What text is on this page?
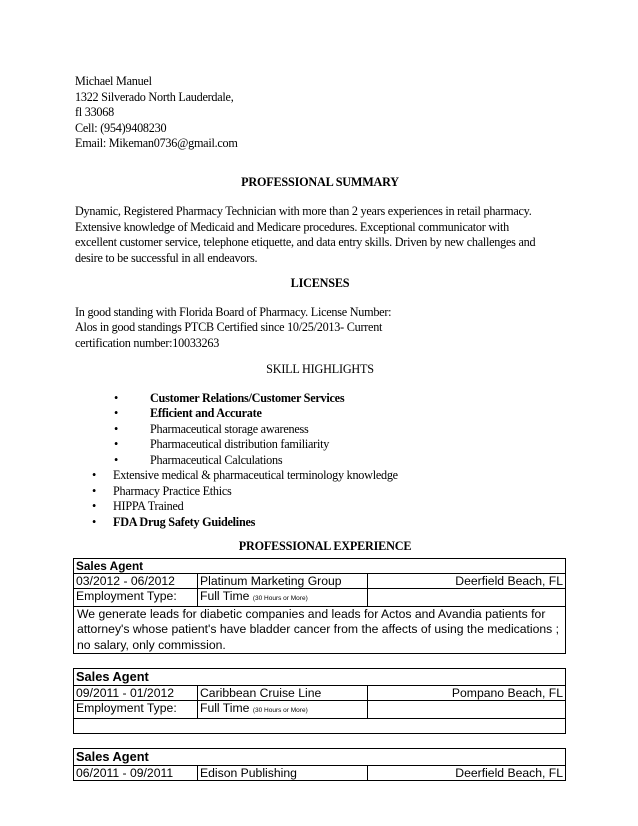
Michael Manuel
1322 Silverado North Lauderdale,
fl 33068
Cell: (954)9408230
Email: Mikeman0736@gmail.com
PROFESSIONAL SUMMARY
Dynamic, Registered Pharmacy Technician with more than 2 years experiences in retail pharmacy.
Extensive knowledge of Medicaid and Medicare procedures. Exceptional communicator with
excellent customer service, telephone etiquette, and data entry skills. Driven by new challenges and
desire to be successful in all endeavors.
LICENSES
In good standing with Florida Board of Pharmacy. License Number:
Alos in good standings PTCB Certified since 10/25/2013- Current
certification number:10033263
SKILL HIGHLIGHTS
•	Customer Relations/Customer Services
•	Efficient and Accurate
•	Pharmaceutical storage awareness
•	Pharmaceutical distribution familiarity
•	Pharmaceutical Calculations
• Extensive medical & pharmaceutical terminology knowledge
• Pharmacy Practice Ethics
• HIPPA Trained
• FDA Drug Safety Guidelines
PROFESSIONAL EXPERIENCE
Sales Agent		
03/2012 - 06/2012	Platinum Marketing Group	Deerfield Beach, FL
Employment Type:	Full Time (30 Hours or More)	
We generate leads for diabetic companies and leads for Actos and Avandia patients for attorney's whose patient's have bladder cancer from the affects of using the medications ; no salary, only commission.		
Sales Agent		
09/2011 - 01/2012	Caribbean Cruise Line	Pompano Beach, FL
Employment Type:	Full Time (30 Hours or More)	

Sales Agent
06/2011 - 09/2011	Edison Publishing	Deerfield Beach, FL
